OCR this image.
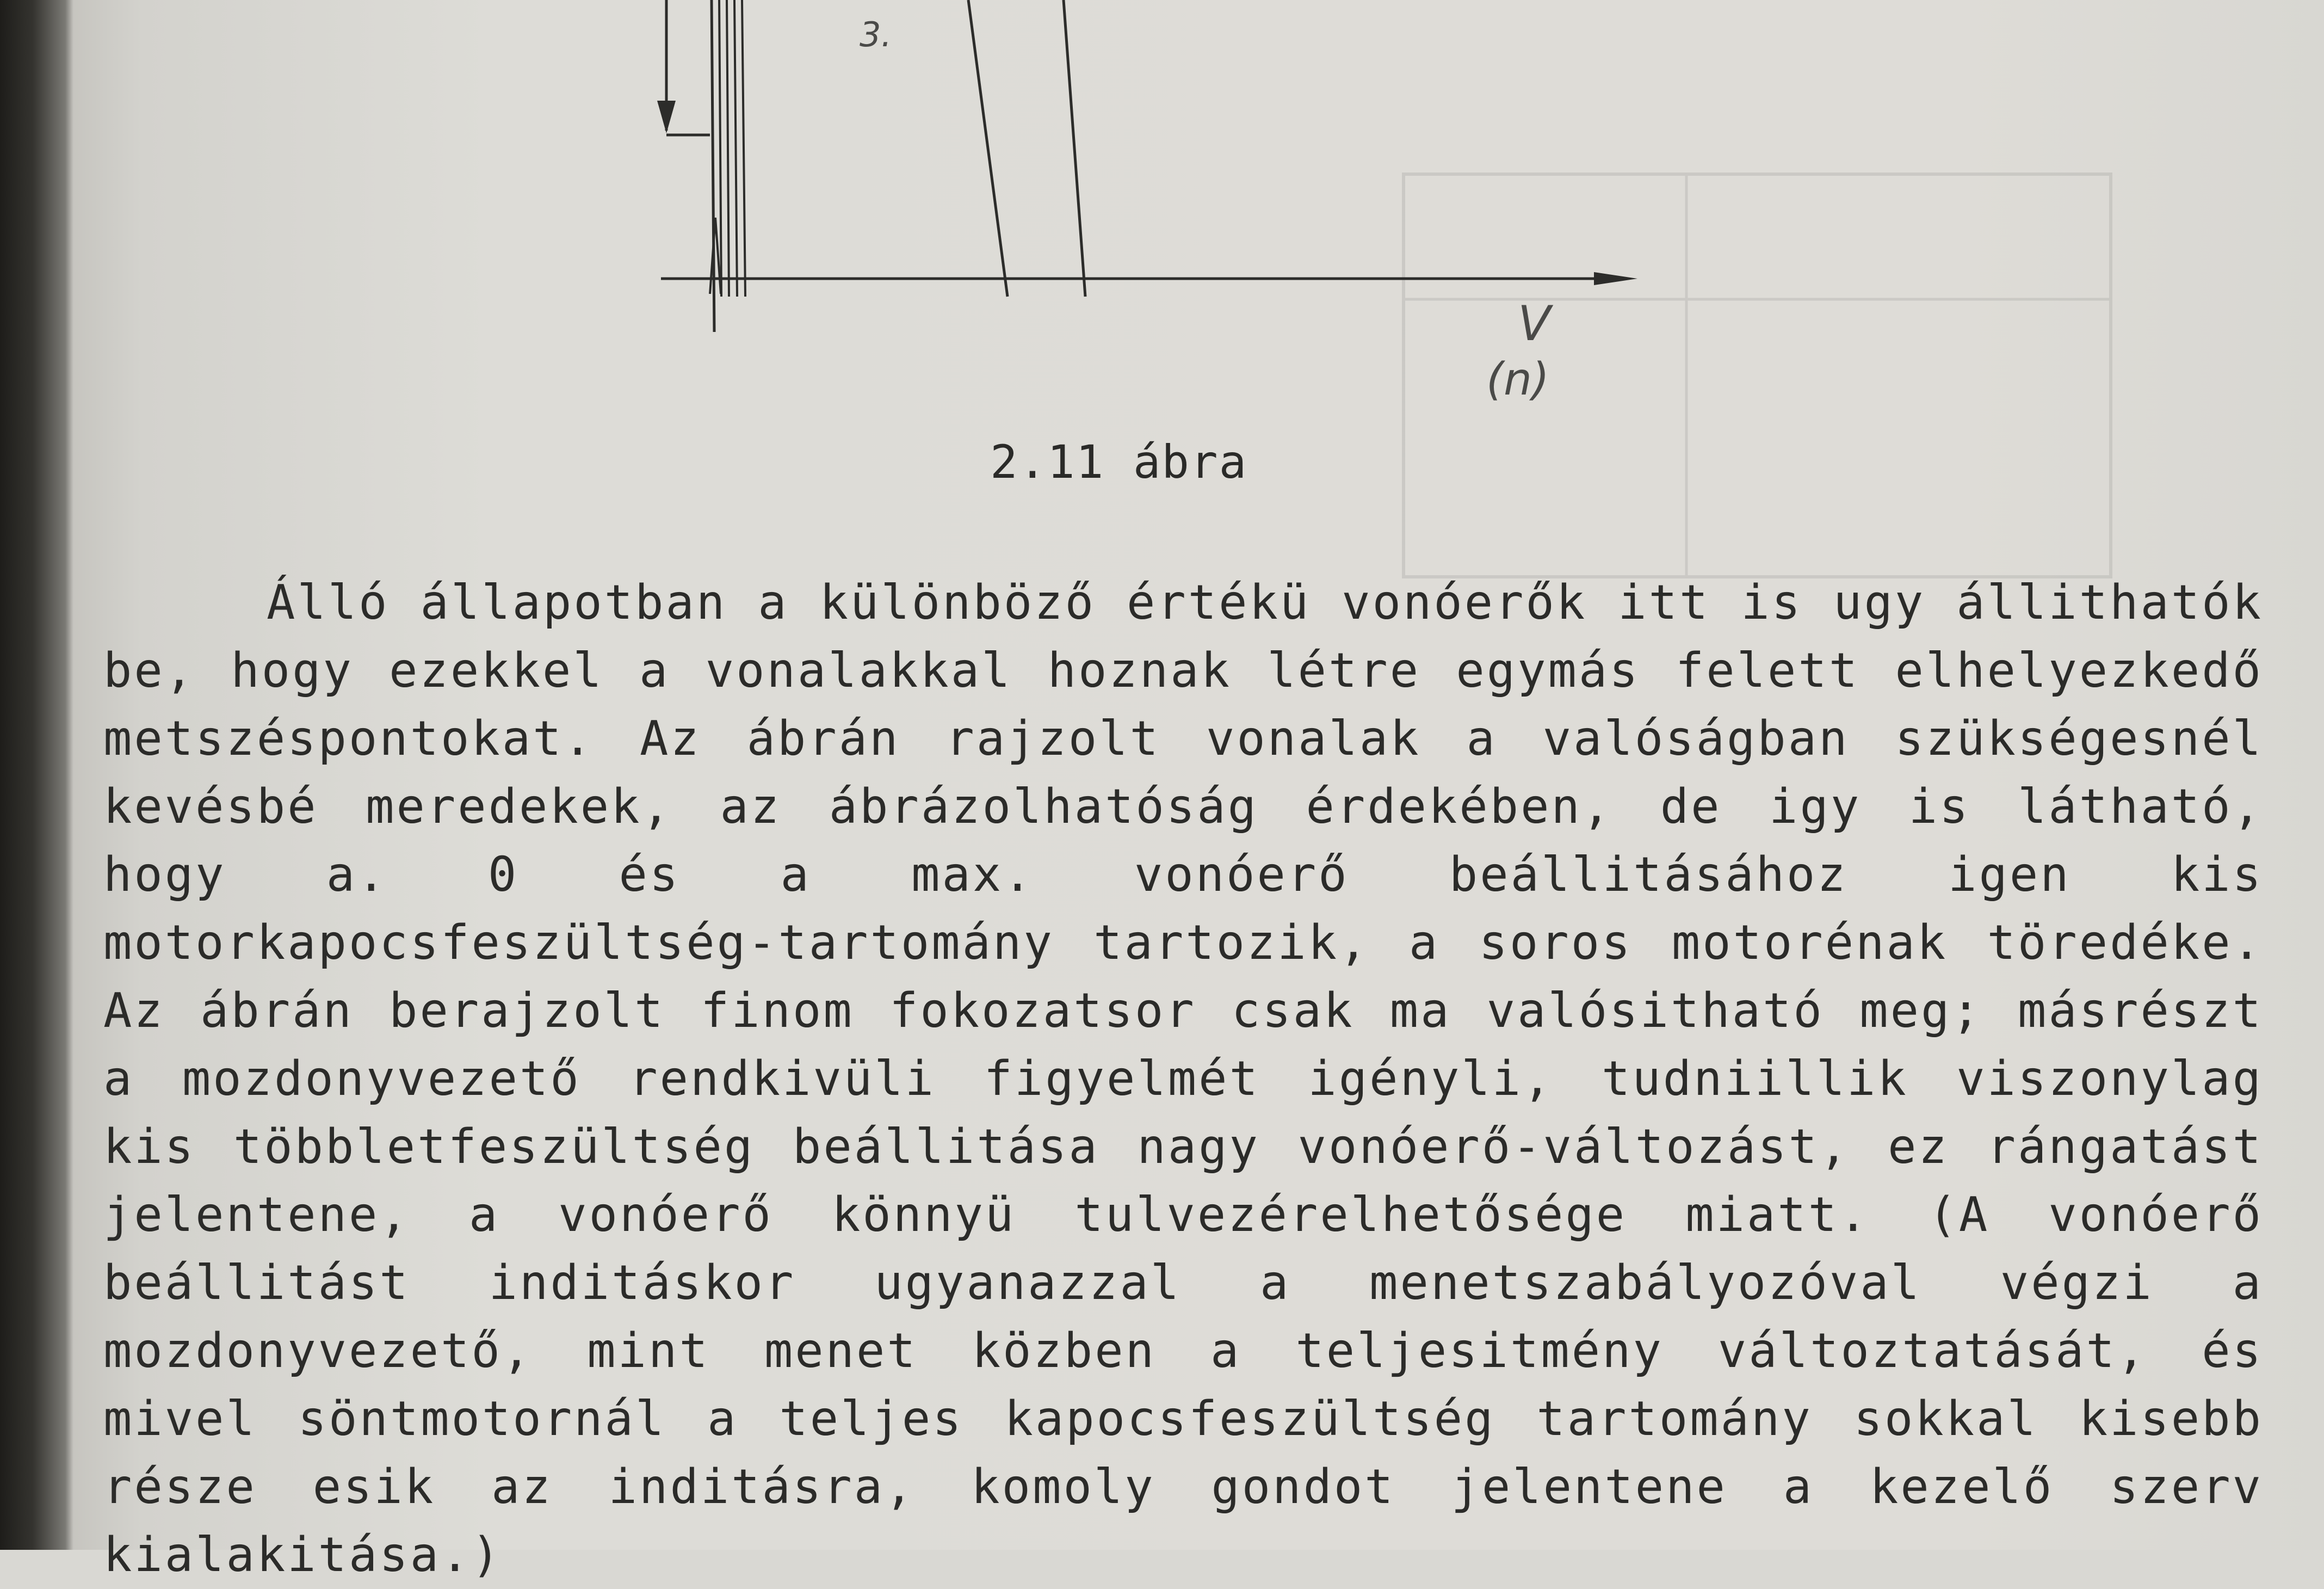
3.
V
(n)
2.11 ábra
Álló állapotban a különböző értékü vonóerők itt is ugy állithatók be, hogy ezekkel a vonalakkal hoznak létre egymás felett elhelyezkedő metszéspontokat. Az ábrán rajzolt vonalak a valóságban szükségesnél kevésbé meredekek, az ábrázolhatóság érdekében, de igy is látható, hogy a. 0 és a max. vonóerő beállitásához igen kis motorkapocsfeszültség-tartomány tartozik, a soros motorénak töredéke. Az ábrán berajzolt finom fokozatsor csak ma valósitható meg; másrészt a mozdonyvezető rendkivüli figyelmét igényli, tudniillik viszonylag kis többletfeszültség beállitása nagy vonóerő-változást, ez rángatást jelentene, a vonóerő könnyü tulvezérelhetősége miatt. (A vonóerő beállitást inditáskor ugyanazzal a menetszabályozóval végzi a mozdonyvezető, mint menet közben a teljesitmény változtatását, és mivel söntmotornál a teljes kapocsfeszültség tartomány sokkal kisebb része esik az inditásra, komoly gondot jelentene a kezelő szerv kialakitása.)
